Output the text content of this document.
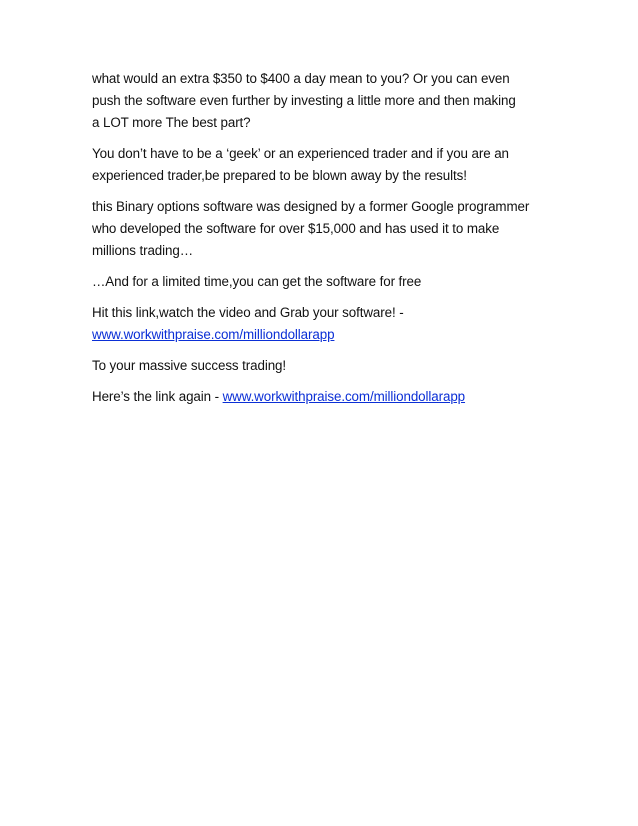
what would an extra $350 to $400 a day mean to you? Or you can even
push the software even further by investing a little more and then making
a LOT more The best part?

You don’t have to be a ‘geek’ or an experienced trader and if you are an
experienced trader,be prepared to be blown away by the results!

this Binary options software was designed by a former Google programmer
who developed the software for over $15,000 and has used it to make
millions trading…

…And for a limited time,you can get the software for free

Hit this link,watch the video and Grab your software! -
www.workwithpraise.com/milliondollarapp

To your massive success trading!

Here’s the link again - www.workwithpraise.com/milliondollarapp
